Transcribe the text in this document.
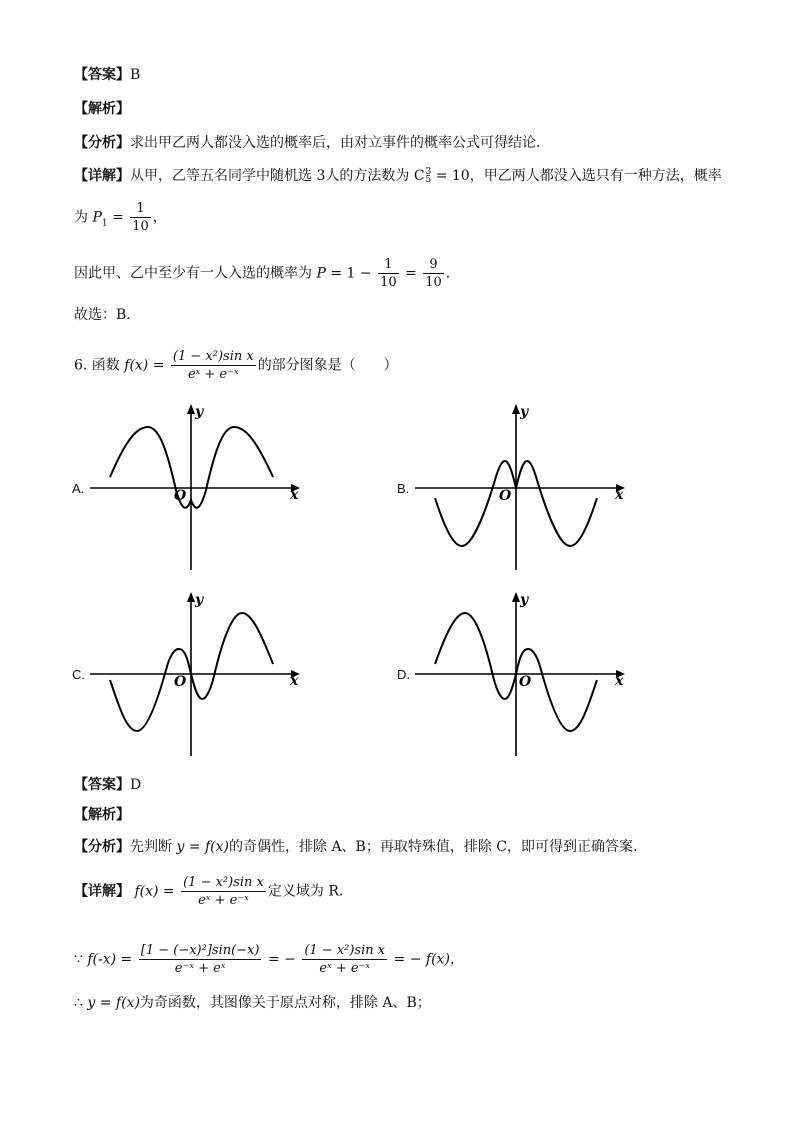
【答案】B
【解析】
【分析】求出甲乙两人都没入选的概率后，由对立事件的概率公式可得结论．
【详解】从甲，乙等五名同学中随机选 3人的方法数为 C 3
5 = 10，甲乙两人都没入选只有一种方法，概率
为 $P_1 = \frac{1}{10}$ ，
因此甲、乙中至少有一人入选的概率为 $P = 1 - \frac{1}{10} = \frac{9}{10}$ ．
故选：B．
6. 函数 $f(x) = \frac{\text{(1 − x²)sin x}}{\text{eˣ + e⁻ˣ}}$ 的部分图象是（　　）
A.	B.
C.	D.
y
x
O
y
x
O
y
x
O
y
x
O
【答案】D
【解析】
【分析】先判断 y = f(x)的奇偶性，排除 A、B；再取特殊值，排除 C，即可得到正确答案.
【详解】 $f(x) = \frac{\text{(1 − x²)sin x}}{\text{eˣ + e⁻ˣ}}$ 定义域为 R.
∵ $f(-x) = \frac{\text{[1 − (−x)²]sin(−x)}}{\text{e⁻ˣ + eˣ}}$ = − $\frac{\text{(1 − x²)sin x}}{\text{eˣ + e⁻ˣ}}$ = − f(x)，
∴ y = f(x)为奇函数，其图像关于原点对称，排除 A、B；
